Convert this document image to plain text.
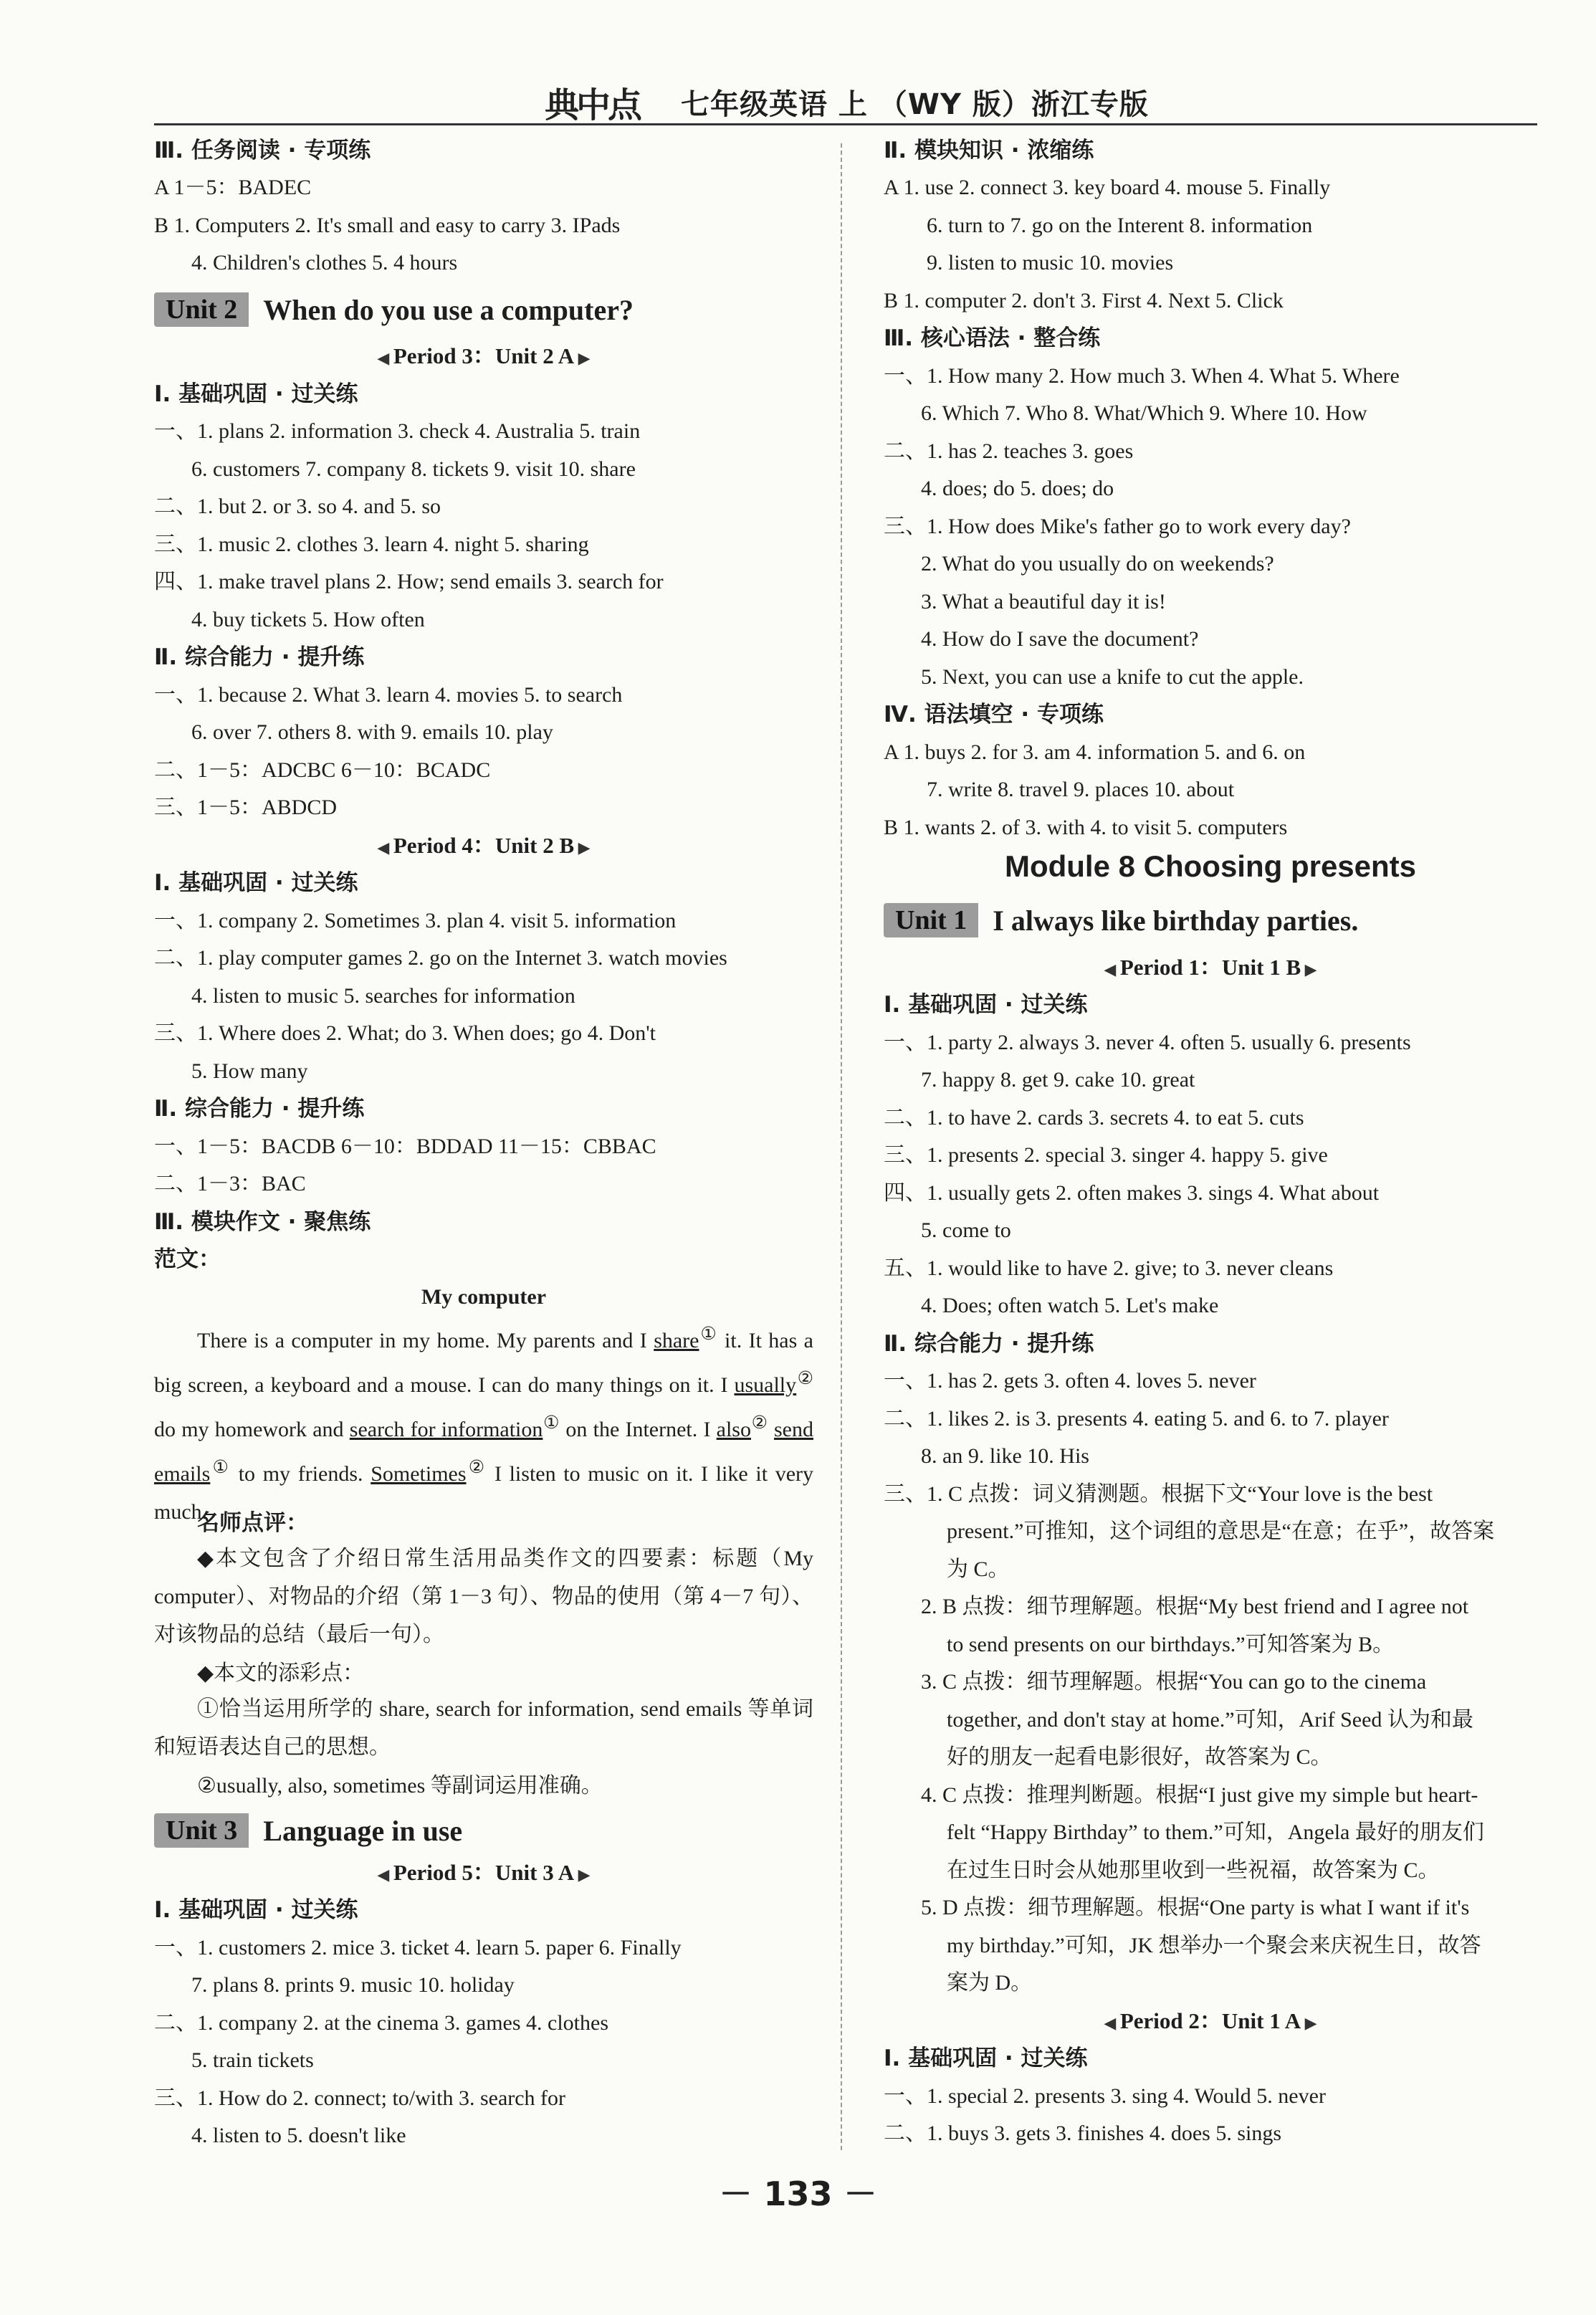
典中点 七年级英语 上 （WY 版）浙江专版
Ⅲ. 任务阅读 · 专项练
A 1－5：BADEC
B 1. Computers 2. It's small and easy to carry 3. IPads
4. Children's clothes 5. 4 hours
Unit 2 When do you use a computer?
◀ Period 3：Unit 2 A ▶
Ⅰ. 基础巩固 · 过关练
一、1. plans 2. information 3. check 4. Australia 5. train
6. customers 7. company 8. tickets 9. visit 10. share
二、1. but 2. or 3. so 4. and 5. so
三、1. music 2. clothes 3. learn 4. night 5. sharing
四、1. make travel plans 2. How; send emails 3. search for
4. buy tickets 5. How often
Ⅱ. 综合能力 · 提升练
一、1. because 2. What 3. learn 4. movies 5. to search
6. over 7. others 8. with 9. emails 10. play
二、1－5：ADCBC 6－10：BCADC
三、1－5：ABDCD
◀ Period 4：Unit 2 B ▶
Ⅰ. 基础巩固 · 过关练
一、1. company 2. Sometimes 3. plan 4. visit 5. information
二、1. play computer games 2. go on the Internet 3. watch movies
4. listen to music 5. searches for information
三、1. Where does 2. What; do 3. When does; go 4. Don't
5. How many
Ⅱ. 综合能力 · 提升练
一、1－5：BACDB 6－10：BDDAD 11－15：CBBAC
二、1－3：BAC
Ⅲ. 模块作文 · 聚焦练
范文：
My computer
There is a computer in my home. My parents and I share① it. It has a big screen, a keyboard and a mouse. I can do many things on it. I usually② do my homework and search for information① on the Internet. I also② send emails① to my friends. Sometimes② I listen to music on it. I like it very much.
名师点评：
◆本文包含了介绍日常生活用品类作文的四要素：标题（My computer）、对物品的介绍（第 1－3 句）、物品的使用（第 4－7 句）、对该物品的总结（最后一句）。
◆本文的添彩点：
①恰当运用所学的 share, search for information, send emails 等单词和短语表达自己的思想。
②usually, also, sometimes 等副词运用准确。
Unit 3 Language in use
◀ Period 5：Unit 3 A ▶
Ⅰ. 基础巩固 · 过关练
一、1. customers 2. mice 3. ticket 4. learn 5. paper 6. Finally
7. plans 8. prints 9. music 10. holiday
二、1. company 2. at the cinema 3. games 4. clothes
5. train tickets
三、1. How do 2. connect; to/with 3. search for
4. listen to 5. doesn't like
Ⅱ. 模块知识 · 浓缩练
A 1. use 2. connect 3. key board 4. mouse 5. Finally
6. turn to 7. go on the Interent 8. information
9. listen to music 10. movies
B 1. computer 2. don't 3. First 4. Next 5. Click
Ⅲ. 核心语法 · 整合练
一、1. How many 2. How much 3. When 4. What 5. Where
6. Which 7. Who 8. What/Which 9. Where 10. How
二、1. has 2. teaches 3. goes
4. does; do 5. does; do
三、1. How does Mike's father go to work every day?
2. What do you usually do on weekends?
3. What a beautiful day it is!
4. How do I save the document?
5. Next, you can use a knife to cut the apple.
Ⅳ. 语法填空 · 专项练
A 1. buys 2. for 3. am 4. information 5. and 6. on
7. write 8. travel 9. places 10. about
B 1. wants 2. of 3. with 4. to visit 5. computers
Module 8 Choosing presents
Unit 1 I always like birthday parties.
◀ Period 1：Unit 1 B ▶
Ⅰ. 基础巩固 · 过关练
一、1. party 2. always 3. never 4. often 5. usually 6. presents
7. happy 8. get 9. cake 10. great
二、1. to have 2. cards 3. secrets 4. to eat 5. cuts
三、1. presents 2. special 3. singer 4. happy 5. give
四、1. usually gets 2. often makes 3. sings 4. What about
5. come to
五、1. would like to have 2. give; to 3. never cleans
4. Does; often watch 5. Let's make
Ⅱ. 综合能力 · 提升练
一、1. has 2. gets 3. often 4. loves 5. never
二、1. likes 2. is 3. presents 4. eating 5. and 6. to 7. player
8. an 9. like 10. His
三、1. C 点拨：词义猜测题。根据下文“Your love is the best
present.”可推知，这个词组的意思是“在意；在乎”，故答案
为 C。
2. B 点拨：细节理解题。根据“My best friend and I agree not
to send presents on our birthdays.”可知答案为 B。
3. C 点拨：细节理解题。根据“You can go to the cinema
together, and don't stay at home.”可知，Arif Seed 认为和最
好的朋友一起看电影很好，故答案为 C。
4. C 点拨：推理判断题。根据“I just give my simple but heart-
felt “Happy Birthday” to them.”可知，Angela 最好的朋友们
在过生日时会从她那里收到一些祝福，故答案为 C。
5. D 点拨：细节理解题。根据“One party is what I want if it's
my birthday.”可知，JK 想举办一个聚会来庆祝生日，故答
案为 D。
◀ Period 2：Unit 1 A ▶
Ⅰ. 基础巩固 · 过关练
一、1. special 2. presents 3. sing 4. Would 5. never
二、1. buys 3. gets 3. finishes 4. does 5. sings
－ 133 －
